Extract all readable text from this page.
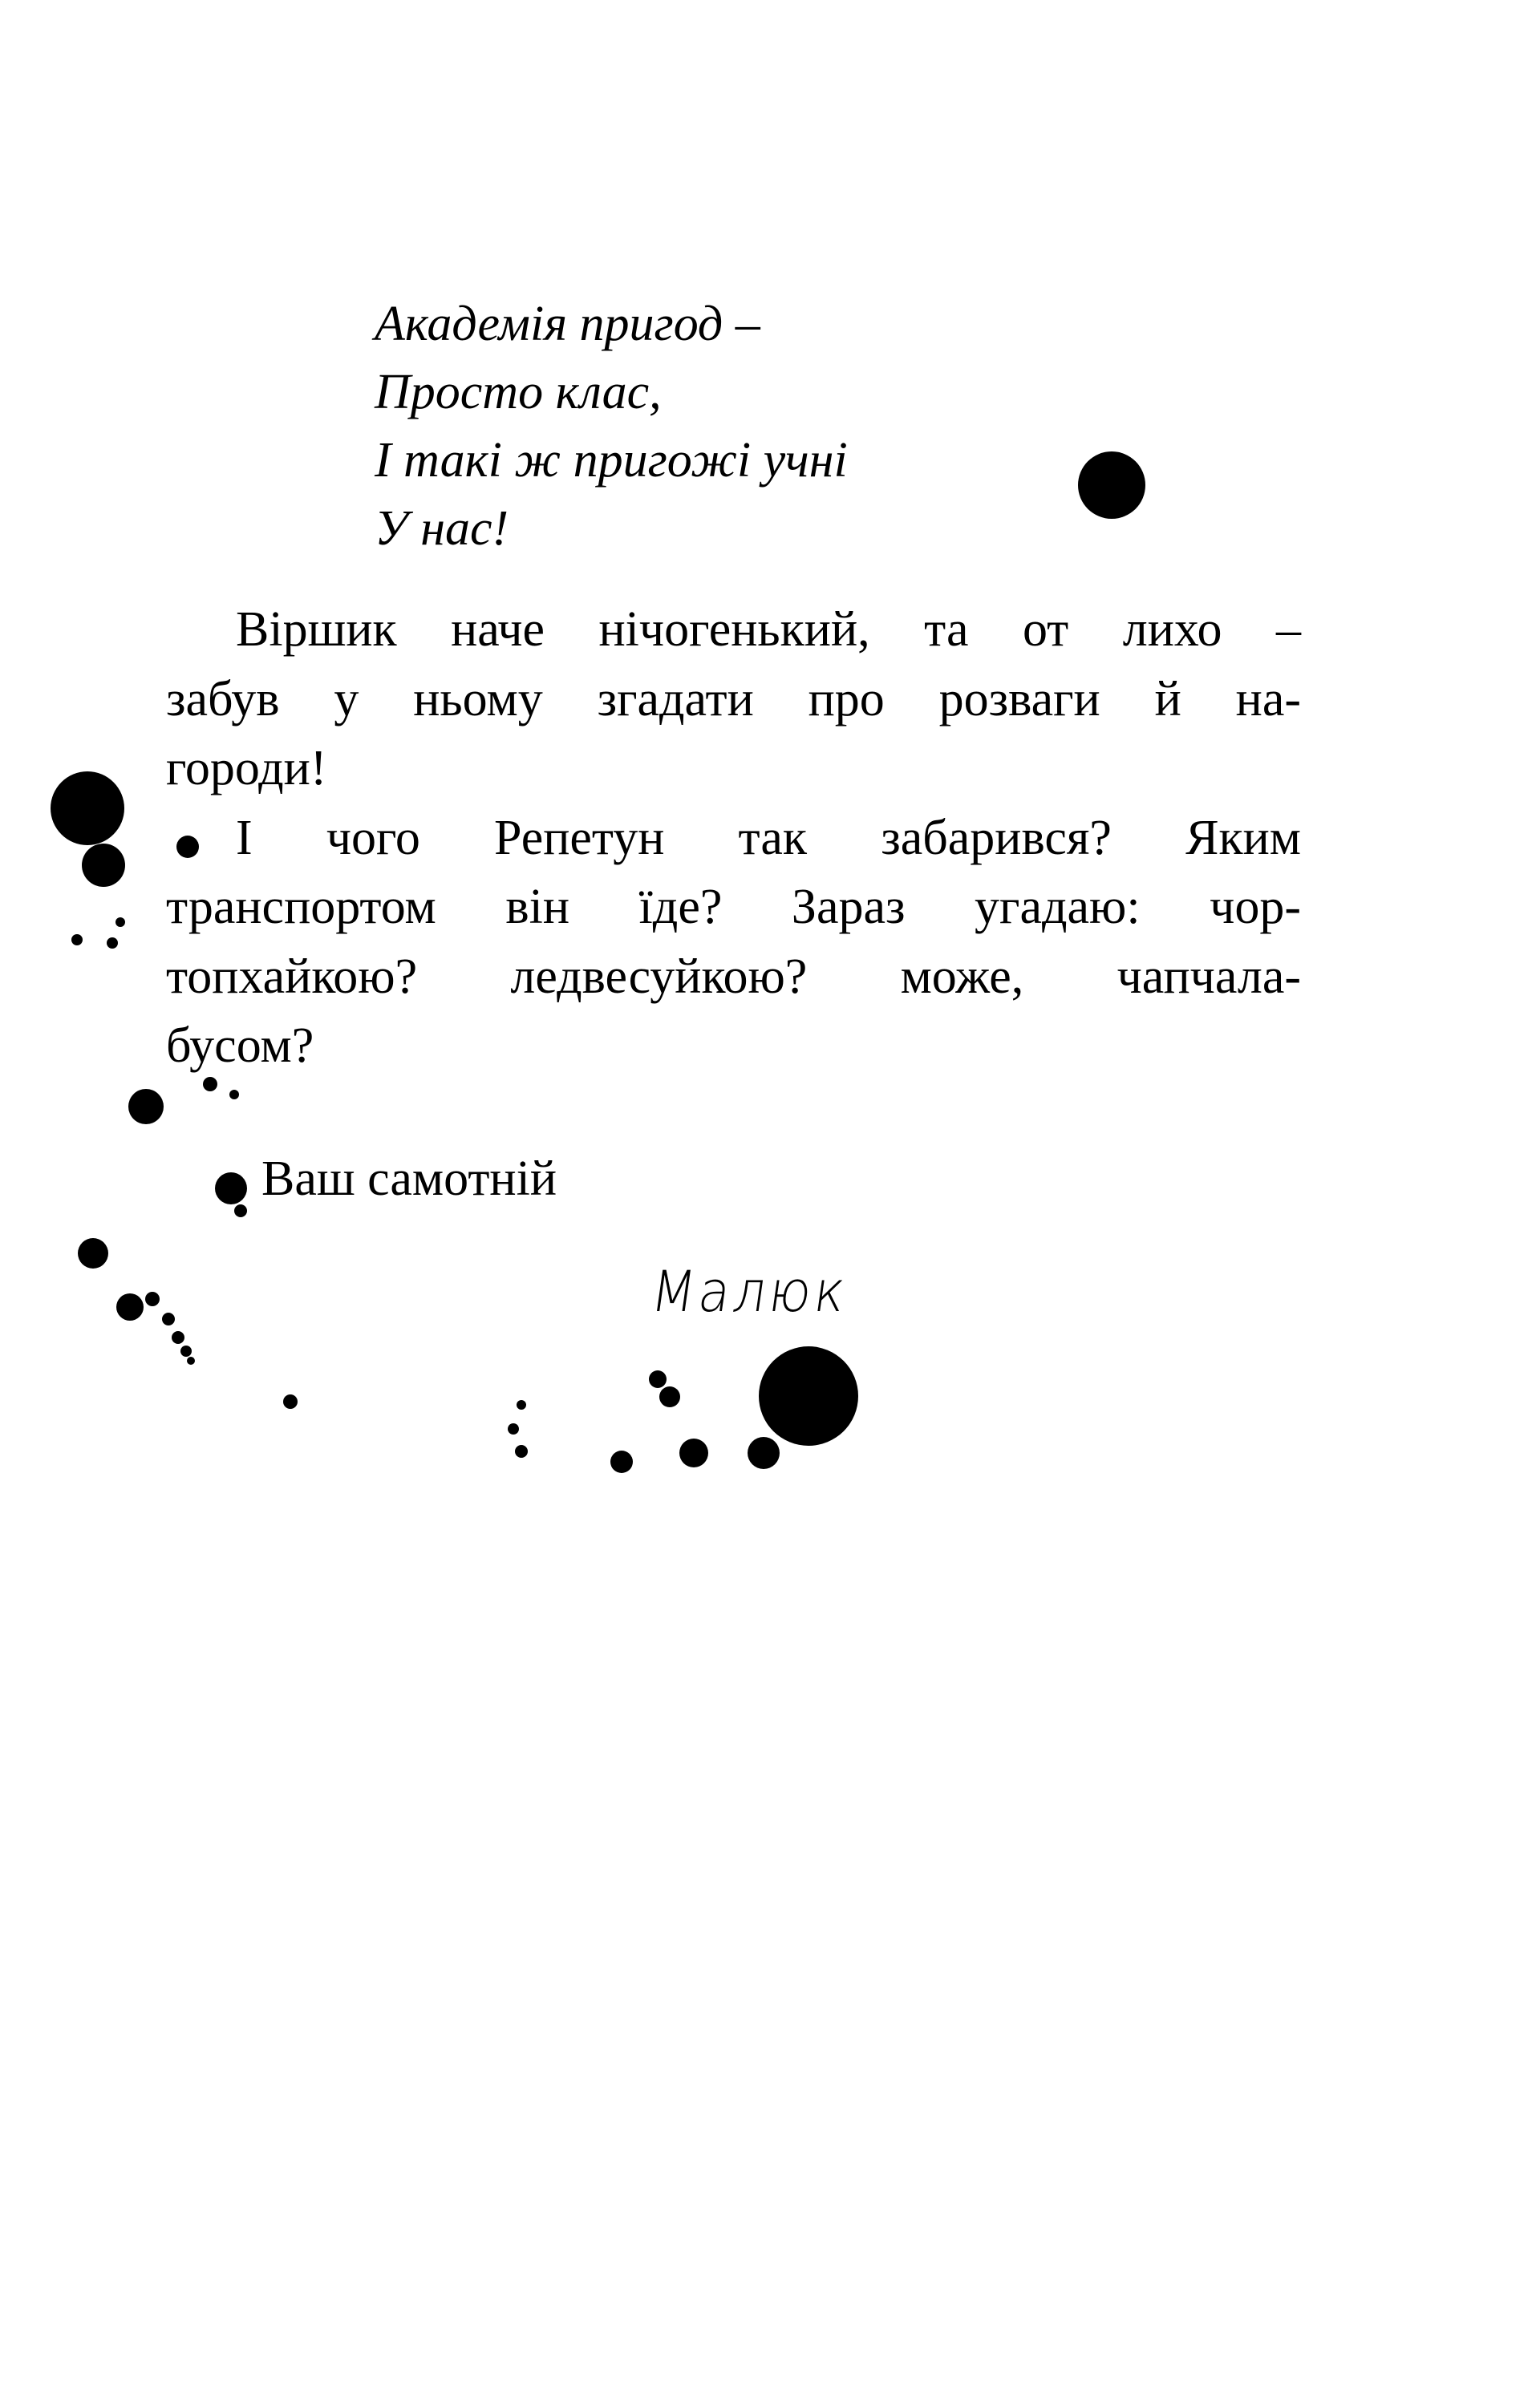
Академія пригод –
Просто клас,
І такі ж пригожі учні
У нас!
Віршик наче нічогенький, та от лихо –
забув у ньому згадати про розваги й на-
городи!
І чого Репетун так забарився? Яким
транспортом він їде? Зараз угадаю: чор-
топхайкою? ледвесуйкою? може, чапчала-
бусом?
Ваш самотній
Малюк
